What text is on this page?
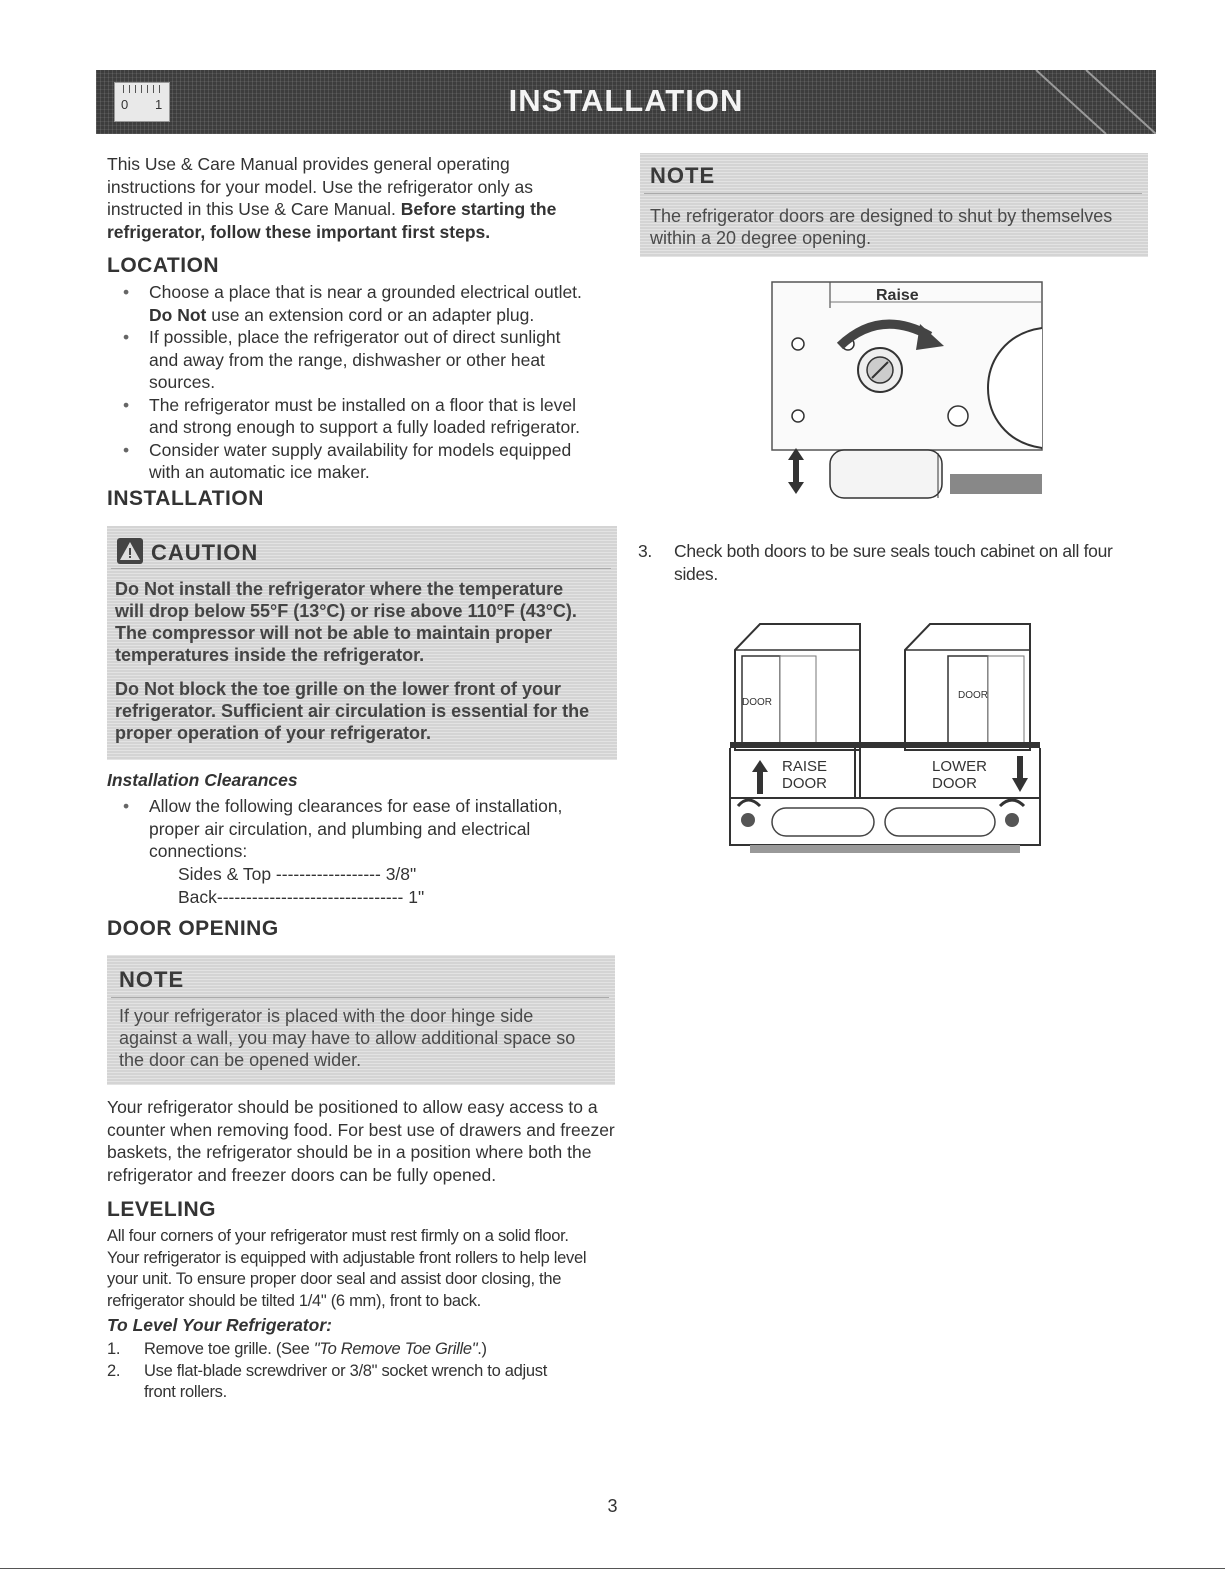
0 1	INSTALLATION
This Use & Care Manual provides general operating
instructions for your model. Use the refrigerator only as
instructed in this Use & Care Manual. Before starting the
refrigerator, follow these important first steps.
LOCATION
• Choose a place that is near a grounded electrical outlet.
Do Not use an extension cord or an adapter plug.
• If possible, place the refrigerator out of direct sunlight
and away from the range, dishwasher or other heat
sources.
• The refrigerator must be installed on a floor that is level
and strong enough to support a fully loaded refrigerator.
• Consider water supply availability for models equipped
with an automatic ice maker.
INSTALLATION
CAUTION
Do Not install the refrigerator where the temperature
will drop below 55°F (13°C) or rise above 110°F (43°C).
The compressor will not be able to maintain proper
temperatures inside the refrigerator.
Do Not block the toe grille on the lower front of your
refrigerator. Sufficient air circulation is essential for the
proper operation of your refrigerator.
Installation Clearances
• Allow the following clearances for ease of installation,
proper air circulation, and plumbing and electrical
connections:
Sides & Top ------------------ 3/8"
Back-------------------------------- 1"
DOOR OPENING
NOTE
If your refrigerator is placed with the door hinge side
against a wall, you may have to allow additional space so
the door can be opened wider.
Your refrigerator should be positioned to allow easy access to a
counter when removing food. For best use of drawers and freezer
baskets, the refrigerator should be in a position where both the
refrigerator and freezer doors can be fully opened.
LEVELING
All four corners of your refrigerator must rest firmly on a solid floor.
Your refrigerator is equipped with adjustable front rollers to help level
your unit. To ensure proper door seal and assist door closing, the
refrigerator should be tilted 1/4" (6 mm), front to back.
To Level Your Refrigerator:
1. Remove toe grille. (See "To Remove Toe Grille".)
2. Use flat-blade screwdriver or 3/8" socket wrench to adjust
front rollers.
NOTE
The refrigerator doors are designed to shut by themselves
within a 20 degree opening.
Raise
3. Check both doors to be sure seals touch cabinet on all four
sides.
DOOR
DOOR
RAISE
DOOR
LOWER
DOOR
3
